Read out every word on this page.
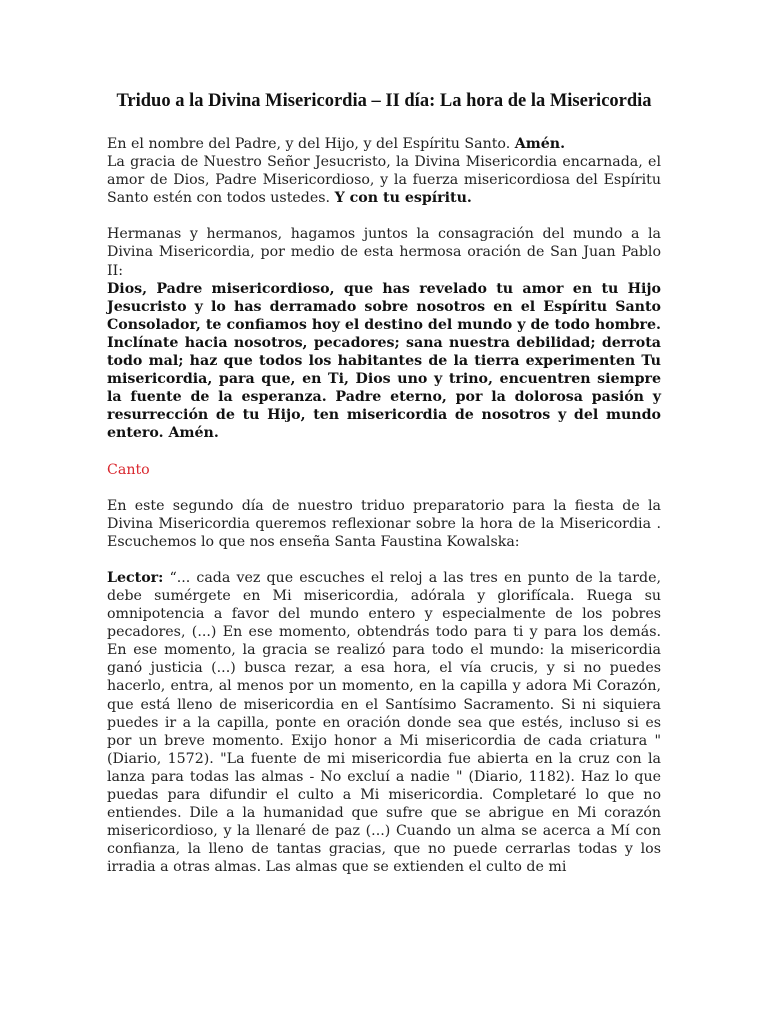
Triduo a la Divina Misericordia – II día: La hora de la Misericordia

En el nombre del Padre, y del Hijo, y del Espíritu Santo. Amén.

La gracia de Nuestro Señor Jesucristo, la Divina Misericordia encarnada, el amor de Dios, Padre Misericordioso, y la fuerza misericordiosa del Espíritu Santo estén con todos ustedes. Y con tu espíritu.

Hermanas y hermanos, hagamos juntos la consagración del mundo a la Divina Misericordia, por medio de esta hermosa oración de San Juan Pablo II:

Dios, Padre misericordioso, que has revelado tu amor en tu Hijo Jesucristo y lo has derramado sobre nosotros en el Espíritu Santo Consolador, te confiamos hoy el destino del mundo y de todo hombre. Inclínate hacia nosotros, pecadores; sana nuestra debilidad; derrota todo mal; haz que todos los habitantes de la tierra experimenten Tu misericordia, para que, en Ti, Dios uno y trino, encuentren siempre la fuente de la esperanza. Padre eterno, por la dolorosa pasión y resurrección de tu Hijo, ten misericordia de nosotros y del mundo entero. Amén.

Canto

En este segundo día de nuestro triduo preparatorio para la fiesta de la Divina Misericordia queremos reflexionar sobre la hora de la Misericordia . Escuchemos lo que nos enseña Santa Faustina Kowalska:

Lector: “... cada vez que escuches el reloj a las tres en punto de la tarde, debe sumérgete en Mi misericordia, adórala y glorifícala. Ruega su omnipotencia a favor del mundo entero y especialmente de los pobres pecadores, (...) En ese momento, obtendrás todo para ti y para los demás. En ese momento, la gracia se realizó para todo el mundo: la misericordia ganó justicia (...) busca rezar, a esa hora, el vía crucis, y si no puedes hacerlo, entra, al menos por un momento, en la capilla y adora Mi Corazón, que está lleno de misericordia en el Santísimo Sacramento. Si ni siquiera puedes ir a la capilla, ponte en oración donde sea que estés, incluso si es por un breve momento. Exijo honor a Mi misericordia de cada criatura "(Diario, 1572). "La fuente de mi misericordia fue abierta en la cruz con la lanza para todas las almas - No excluí a nadie " (Diario, 1182). Haz lo que puedas para difundir el culto a Mi misericordia. Completaré lo que no entiendes. Dile a la humanidad que sufre que se abrigue en Mi corazón misericordioso, y la llenaré de paz (...) Cuando un alma se acerca a Mí con confianza, la lleno de tantas gracias, que no puede cerrarlas todas y los irradia a otras almas. Las almas que se extienden el culto de mi
